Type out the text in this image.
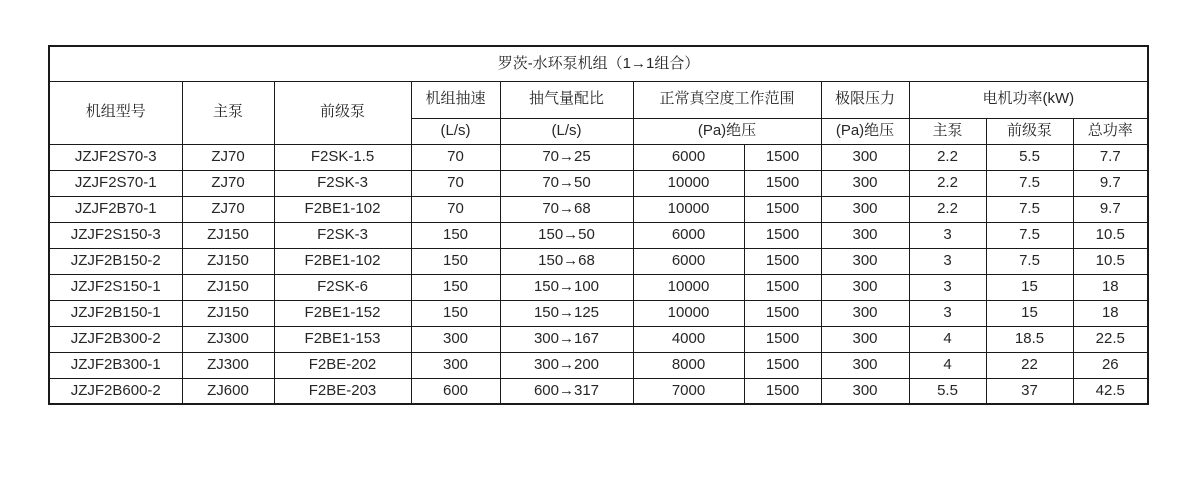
罗茨-水环泵机组（1→1组合）										
机组型号	主泵	前级泵	机组抽速	抽气量配比	正常真空度工作范围		极限压力	电机功率(kW)		
			(L/s)	(L/s)	(Pa)绝压		(Pa)绝压	主泵	前级泵	总功率
JZJF2S70-3	ZJ70	F2SK-1.5	70	70→25	6000	1500	300	2.2	5.5	7.7
JZJF2S70-1	ZJ70	F2SK-3	70	70→50	10000	1500	300	2.2	7.5	9.7
JZJF2B70-1	ZJ70	F2BE1-102	70	70→68	10000	1500	300	2.2	7.5	9.7
JZJF2S150-3	ZJ150	F2SK-3	150	150→50	6000	1500	300	3	7.5	10.5
JZJF2B150-2	ZJ150	F2BE1-102	150	150→68	6000	1500	300	3	7.5	10.5
JZJF2S150-1	ZJ150	F2SK-6	150	150→100	10000	1500	300	3	15	18
JZJF2B150-1	ZJ150	F2BE1-152	150	150→125	10000	1500	300	3	15	18
JZJF2B300-2	ZJ300	F2BE1-153	300	300→167	4000	1500	300	4	18.5	22.5
JZJF2B300-1	ZJ300	F2BE-202	300	300→200	8000	1500	300	4	22	26
JZJF2B600-2	ZJ600	F2BE-203	600	600→317	7000	1500	300	5.5	37	42.5
